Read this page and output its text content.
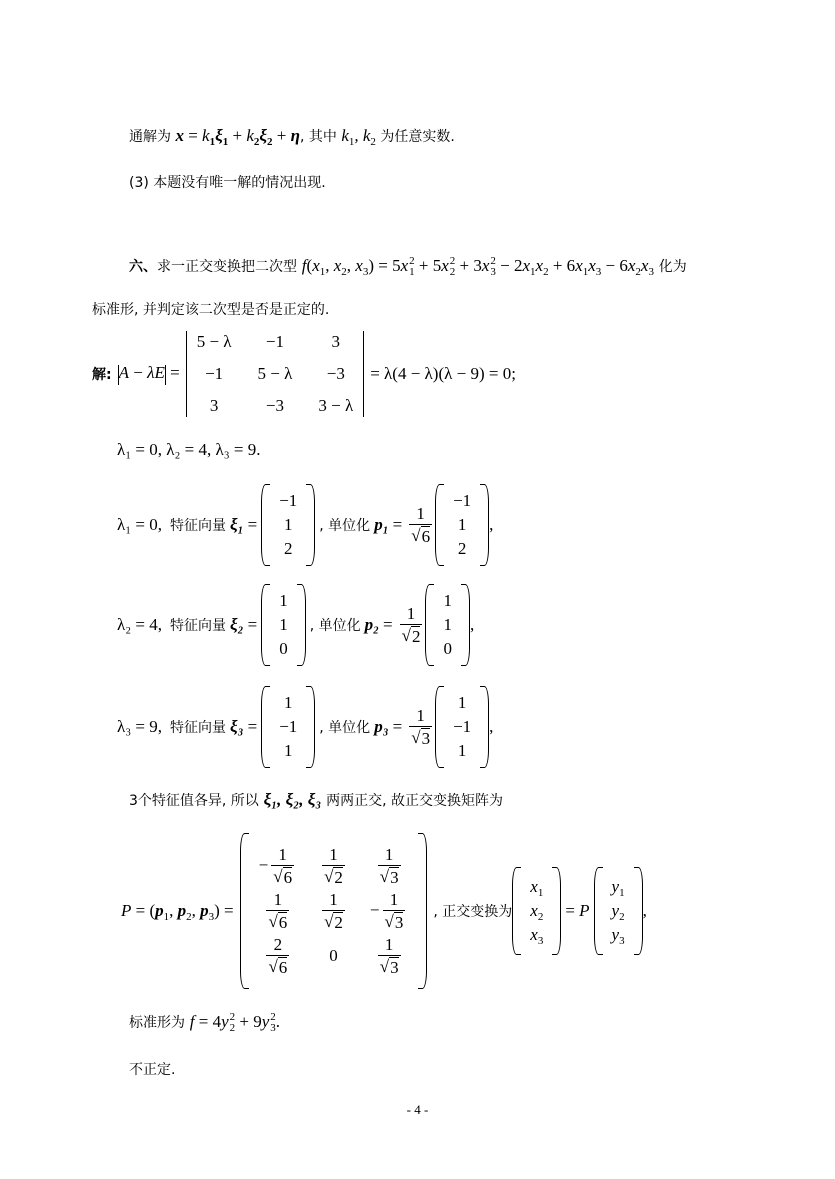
通解为 $x = k_1\xi_1 + k_2\xi_2 + \eta$, 其中 $k_1$, $k_2$ 为任意实数.
(3) 本题没有唯一解的情况出现.
六、求一正交变换把二次型 $f(x_1$, $x_2$, $x_3) = 5x$ 2
1 + 5x 2
2 + 3x 2
$3 - 2x_1x_2 + 6x_1x_3 - 6x_2x_3$ 化为
标准形, 并判定该二次型是否是正定的.
解: A − λE =
5 − λ −1	3
−1 5 − λ −3
3	−3 3 − λ
= λ(4 − λ)(λ − 9) = 0;
λ₁ = 0, λ₂ = 4, λ₃ = 9.
λ₁ = 0, 特征向量 ξ₁ =
−1
1
2
, 单位化 $p_1 = \frac{1}{√ 6}$
−1
1
2
,
λ₂ = 4, 特征向量 ξ₂ =
1
1
0
, 单位化 $p_2 = \frac{1}{√ 2}$
1
1
0
,
λ₃ = 9, 特征向量 ξ₃ =
1
−1
1
, 单位化 $p_3 = \frac{1}{√ 3}$
1
−1
1
,
3个特征值各异, 所以 ξ₁, ξ₂, ξ₃ 两两正交, 故正交变换矩阵为
$P = (p_1$, $p_2$, $p_3$) =
− $\frac{1}{√ 6} \frac{1}{√ 2} \frac{1}{√ 3}$
$\frac{1}{√ 6} \frac{1}{√ 2} - \frac{1}{√ 3}$
$\frac{2}{√ 6} 0 \frac{1}{√ 3}$
, 正交变换为
$x_1$
$x_2$
$x_3$
= P
$y_1$
$y_2$
$y_3$
,
标准形为 f = 4y 2
2 + 9y 2
3 .
不正定.
- 4 -
